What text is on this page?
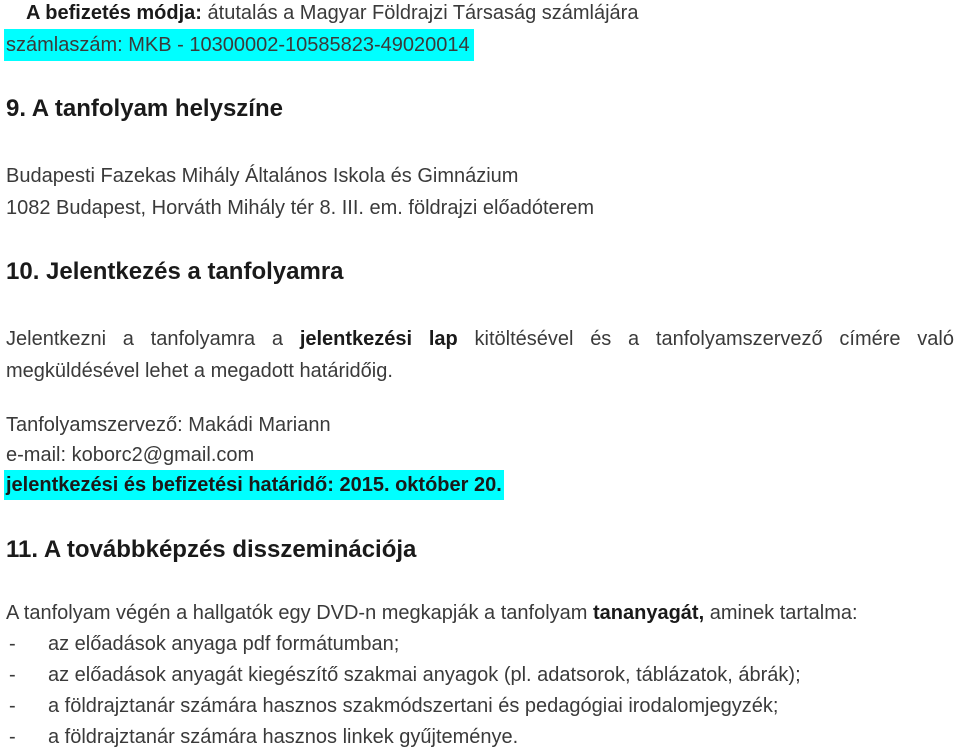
A befizetés módja: átutalás a Magyar Földrajzi Társaság számlájára
számlaszám: MKB - 10300002-10585823-49020014
9. A tanfolyam helyszíne
Budapesti Fazekas Mihály Általános Iskola és Gimnázium
1082 Budapest, Horváth Mihály tér 8. III. em. földrajzi előadóterem
10. Jelentkezés a tanfolyamra
Jelentkezni a tanfolyamra a jelentkezési lap kitöltésével és a tanfolyamszervező címére való
megküldésével lehet a megadott határidőig.
Tanfolyamszervező: Makádi Mariann
e-mail: koborc2@gmail.com
jelentkezési és befizetési határidő: 2015. október 20.
11. A továbbképzés disszeminációja
A tanfolyam végén a hallgatók egy DVD-n megkapják a tanfolyam tananyagát, aminek tartalma:
-	az előadások anyaga pdf formátumban;
-	az előadások anyagát kiegészítő szakmai anyagok (pl. adatsorok, táblázatok, ábrák);
-	a földrajztanár számára hasznos szakmódszertani és pedagógiai irodalomjegyzék;
-	a földrajztanár számára hasznos linkek gyűjteménye.
